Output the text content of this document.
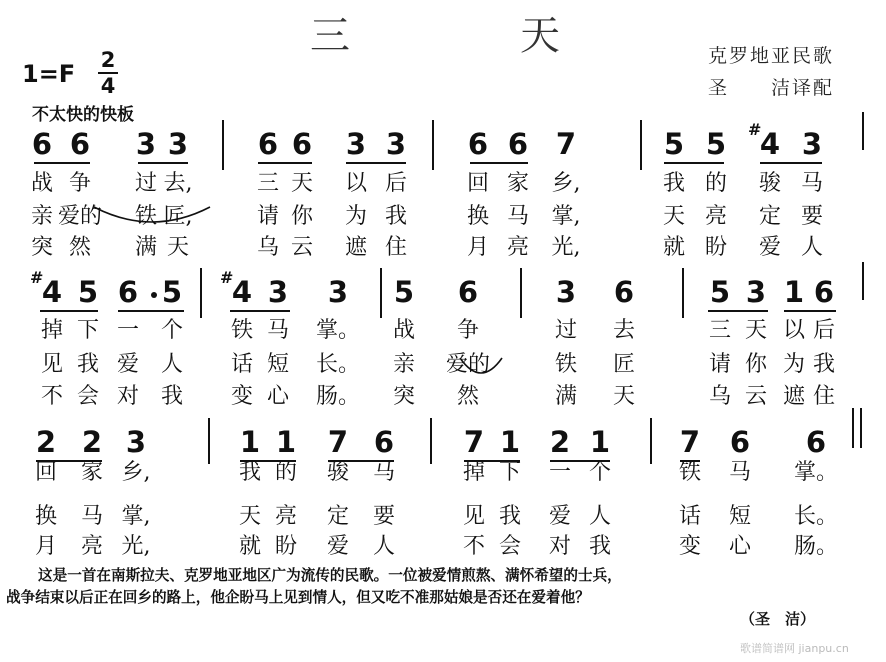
三	天	克罗地亚民歌
圣　　洁译配
1=F 2
4
不太快的快板
6
战
亲
突
6
争
爱的
然
3
过
铁
满
3
去,
匠,
天
6
三
请
乌
6
天
你
云
3
以
为
遮
3
后
我
住
6
回
换
月
6
家
马
亮
7
乡,
掌,
光,
5
我
天
就
5
的
亮
盼
4
#
骏
定
爱
3
马
要
人
4
#
掉
见
不
5
下
我
会
6
一
爱
对
5
个
人
我
4
#
铁
话
变
3
马
短
心
3
掌。
长。
肠。
5
战
亲
突
6
争
爱的
然
3
过
铁
满
6
去
匠
天
5
三
请
乌
3
天
你
云
1
以
为
遮
6
后
我
住
2
回
换
月
2
家
马
亮
3
乡,
掌,
光,
1
我
天
就
1
的
亮
盼
7
骏
定
爱
6
马
要
人
7
掉
见
不
1
下
我
会
2
一
爱
对
1
个
人
我
7
铁
话
变
6
马
短
心
6
掌。
长。
肠。
这是一首在南斯拉夫、克罗地亚地区广为流传的民歌。一位被爱情煎熬、满怀希望的士兵，
战争结束以后正在回乡的路上，他企盼马上见到情人，但又吃不准那姑娘是否还在爱着他？
（圣　洁）
歌谱简谱网 jianpu.cn
